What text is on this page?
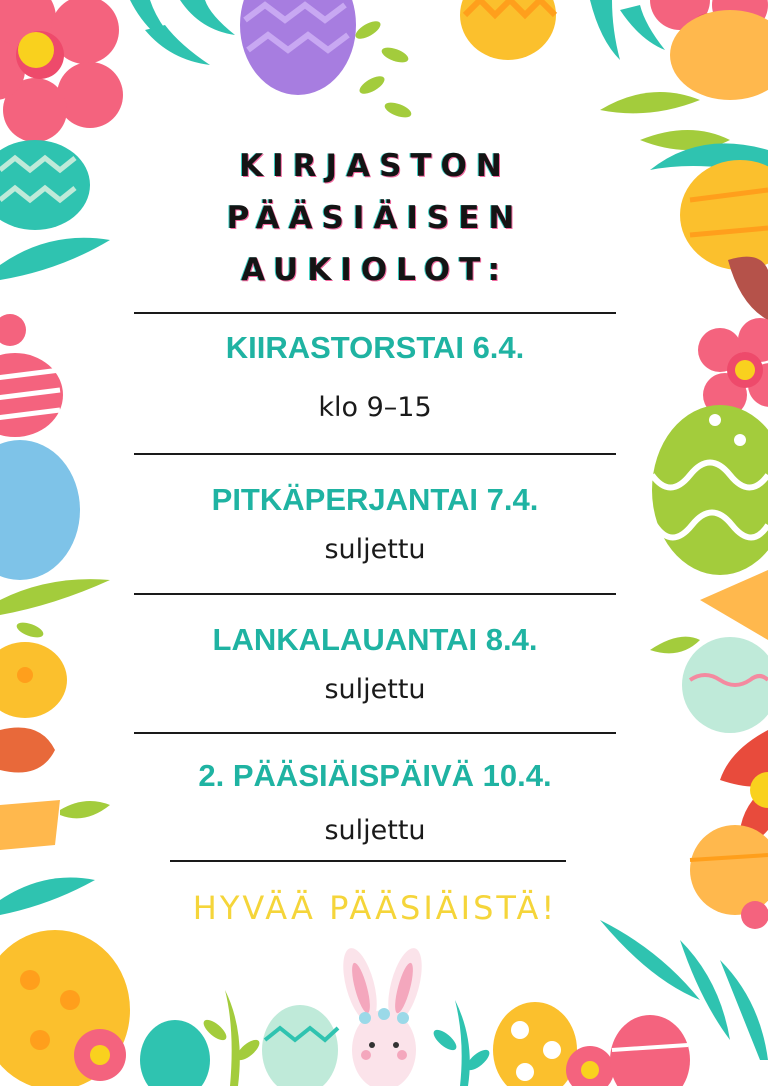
KIRJASTON
PÄÄSIÄISEN
AUKIOLOT:
KIIRASTORSTAI 6.4.
klo 9–15
PITKÄPERJANTAI 7.4.
suljettu
LANKALAUANTAI 8.4.
suljettu
2. PÄÄSIÄISPÄIVÄ 10.4.
suljettu
HYVÄÄ PÄÄSIÄISTÄ!
